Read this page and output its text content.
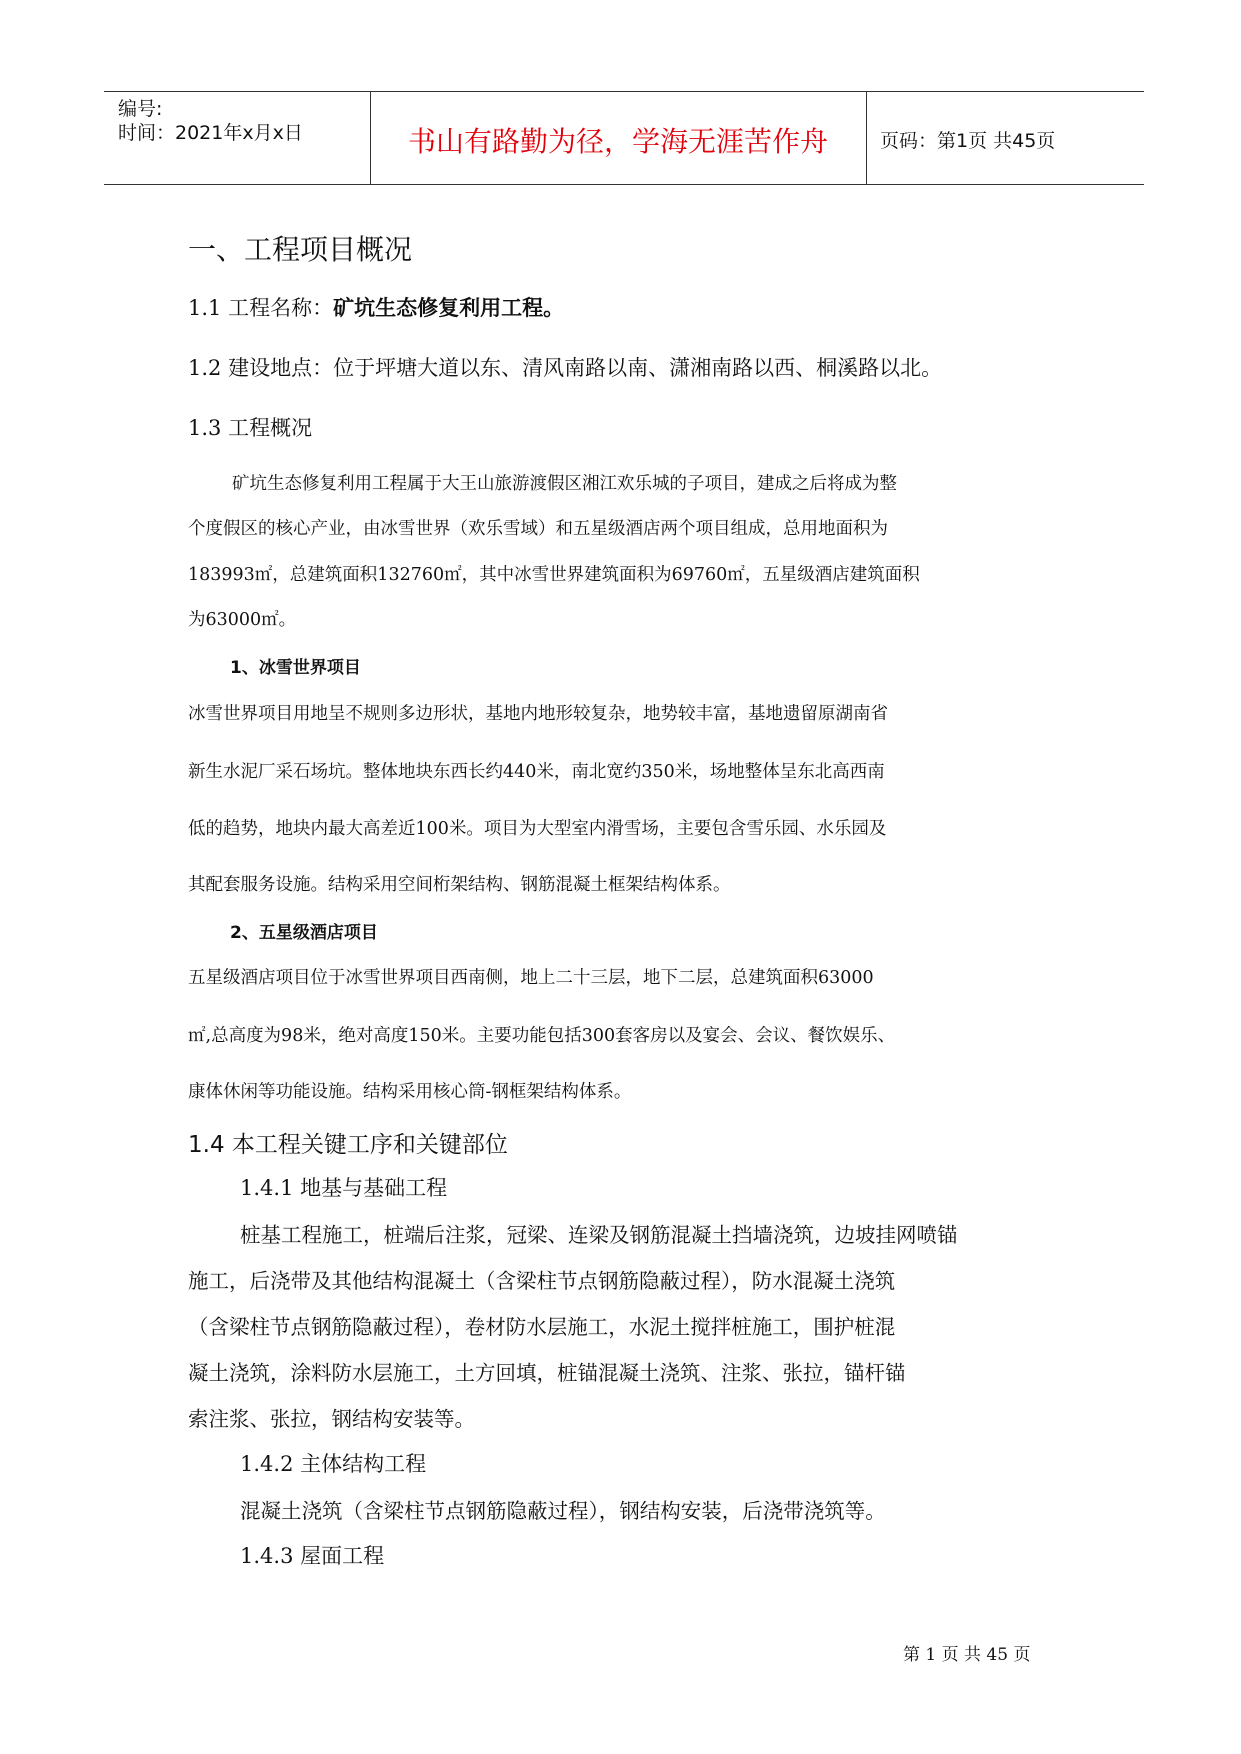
编号:
时间：2021年x月x日	书山有路勤为径，学海无涯苦作舟	页码：第1页 共45页
一、工程项目概况
1.1 工程名称：矿坑生态修复利用工程。
1.2 建设地点：位于坪塘大道以东、清风南路以南、潇湘南路以西、桐溪路以北。
1.3 工程概况
矿坑生态修复利用工程属于大王山旅游渡假区湘江欢乐城的子项目，建成之后将成为整
个度假区的核心产业，由冰雪世界（欢乐雪域）和五星级酒店两个项目组成，总用地面积为
183993㎡，总建筑面积132760㎡，其中冰雪世界建筑面积为69760㎡，五星级酒店建筑面积
为63000㎡。
1、冰雪世界项目
冰雪世界项目用地呈不规则多边形状，基地内地形较复杂，地势较丰富，基地遗留原湖南省
新生水泥厂采石场坑。整体地块东西长约440米，南北宽约350米，场地整体呈东北高西南
低的趋势，地块内最大高差近100米。项目为大型室内滑雪场，主要包含雪乐园、水乐园及
其配套服务设施。结构采用空间桁架结构、钢筋混凝土框架结构体系。
2、五星级酒店项目
五星级酒店项目位于冰雪世界项目西南侧，地上二十三层，地下二层，总建筑面积63000
㎡,总高度为98米，绝对高度150米。主要功能包括300套客房以及宴会、会议、餐饮娱乐、
康体休闲等功能设施。结构采用核心筒-钢框架结构体系。
1.4 本工程关键工序和关键部位
1.4.1 地基与基础工程
桩基工程施工，桩端后注浆，冠梁、连梁及钢筋混凝土挡墙浇筑，边坡挂网喷锚
施工，后浇带及其他结构混凝土（含梁柱节点钢筋隐蔽过程），防水混凝土浇筑
（含梁柱节点钢筋隐蔽过程），卷材防水层施工，水泥土搅拌桩施工，围护桩混
凝土浇筑，涂料防水层施工，土方回填，桩锚混凝土浇筑、注浆、张拉，锚杆锚
索注浆、张拉，钢结构安装等。
1.4.2 主体结构工程
混凝土浇筑（含梁柱节点钢筋隐蔽过程），钢结构安装，后浇带浇筑等。
1.4.3 屋面工程
第 1 页 共 45 页
